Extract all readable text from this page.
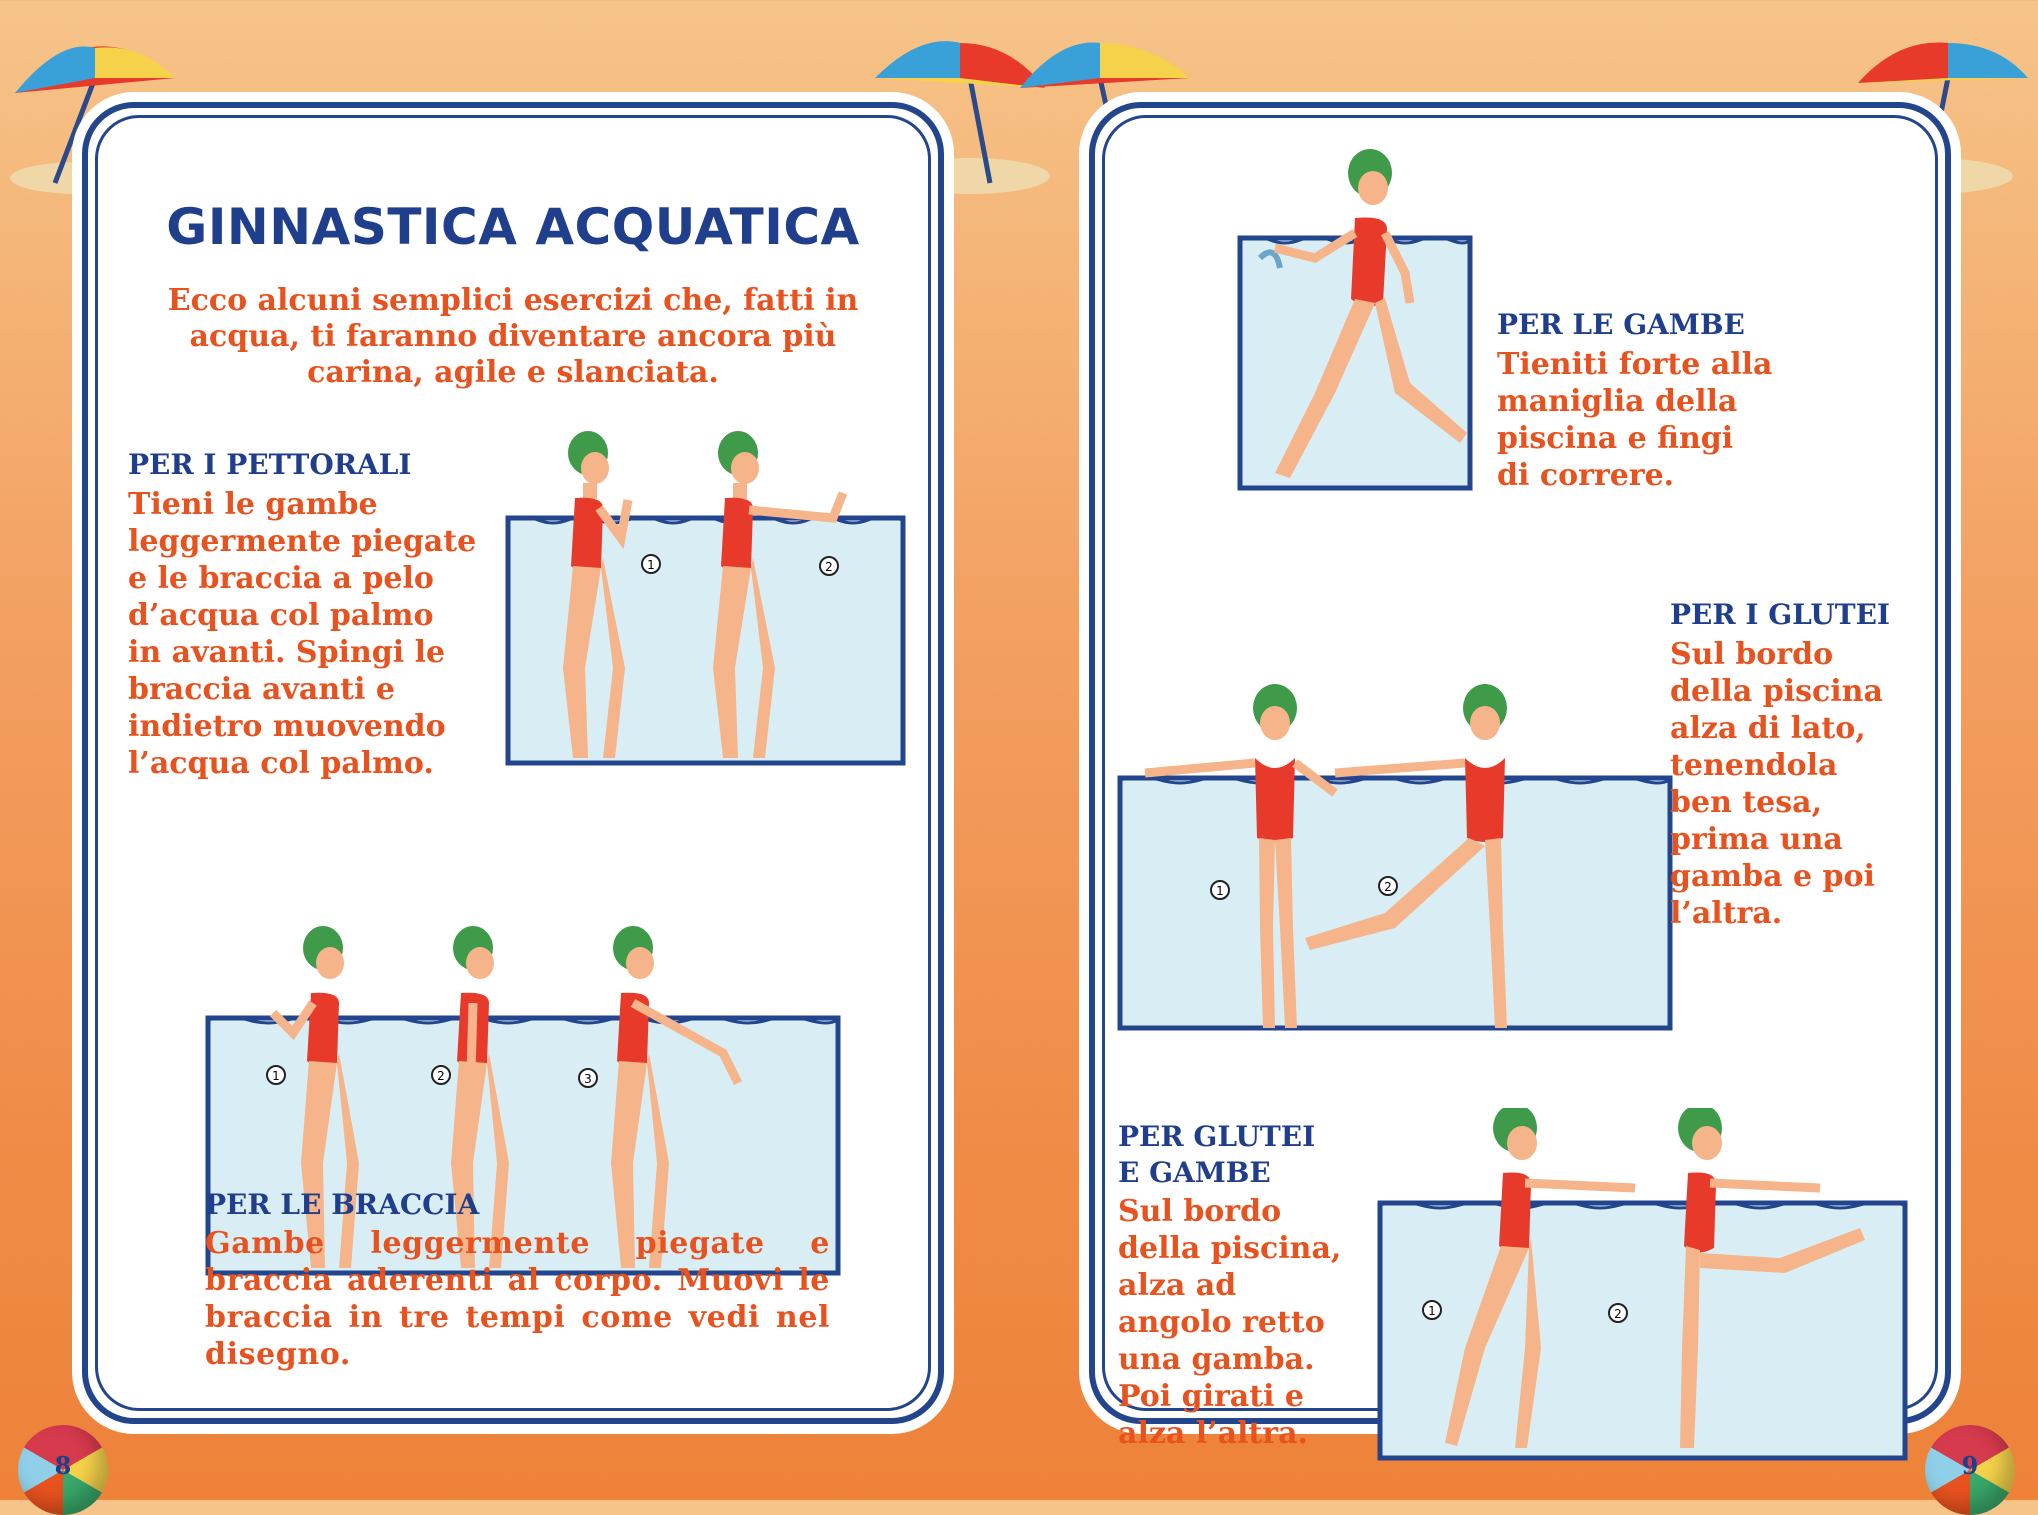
GINNASTICA ACQUATICA

Ecco alcuni semplici esercizi che, fatti in acqua, ti faranno diventare ancora più carina, agile e slanciata.

PER I PETTORALI

Tieni le gambe

leggermente piegate

e le braccia a pelo

d’acqua col palmo

in avanti. Spingi le

braccia avanti e

indietro muovendo

l’acqua col palmo.

1	2
1	2	3
PER LE BRACCIA

Gambe leggermente piegate e braccia aderenti al corpo. Muovi le braccia in tre tempi come vedi nel disegno.

PER LE GAMBE

Tieniti forte alla

maniglia della

piscina e fingi

di correre.

1	2
PER I GLUTEI

Sul bordo

della piscina

alza di lato,

tenendola

ben tesa,

prima una

gamba e poi

l’altra.

PER GLUTEI
E GAMBE

Sul bordo

della piscina,

alza ad

angolo retto

una gamba.

Poi girati e

alza l’altra.

1	2
8	9
